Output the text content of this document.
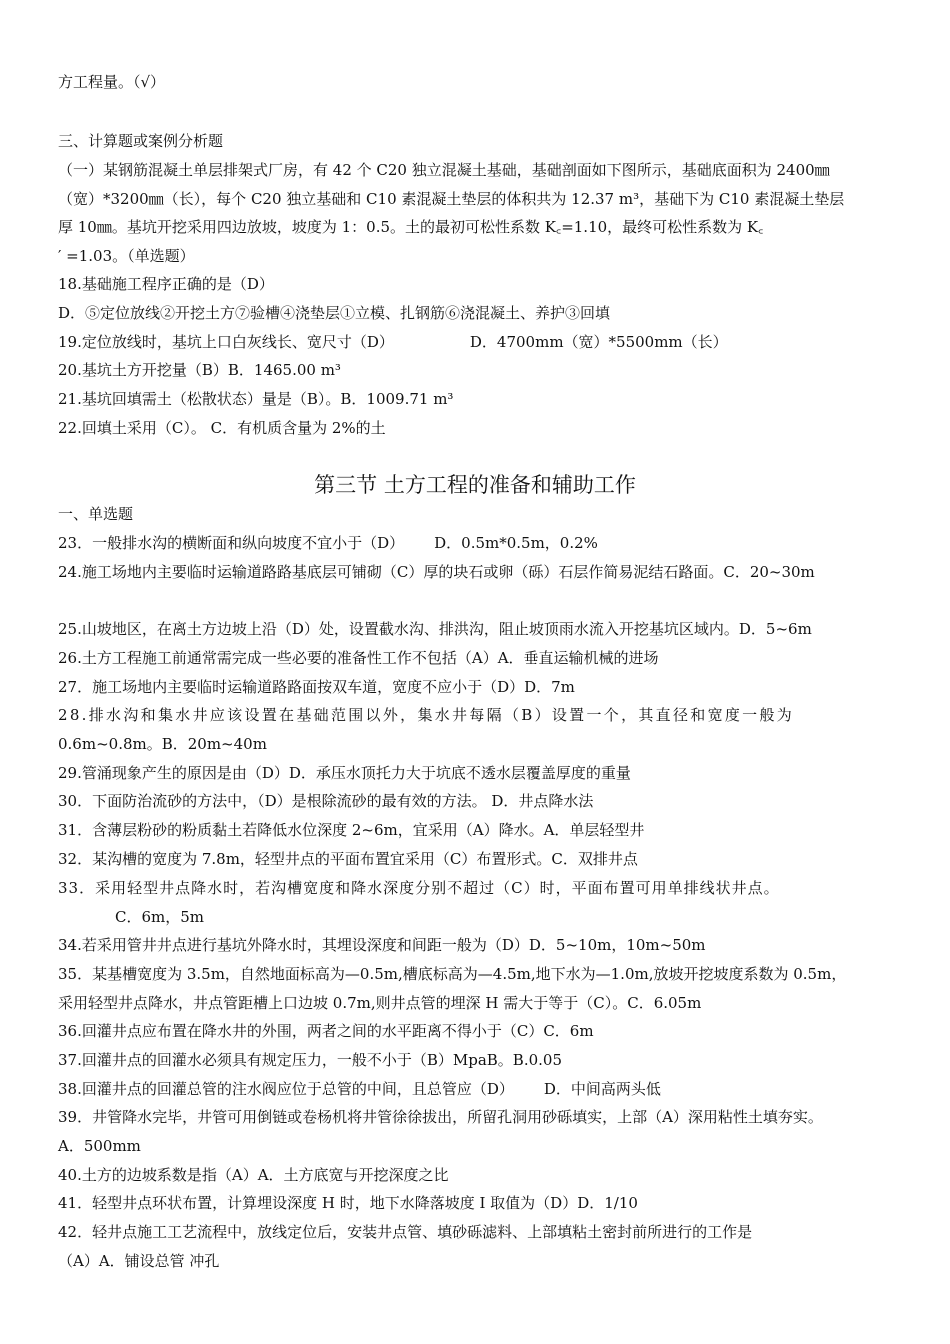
方工程量。（√）
三、计算题或案例分析题
（一）某钢筋混凝土单层排架式厂房，有 42 个 C20 独立混凝土基础，基础剖面如下图所示，基础底面积为 2400㎜
（宽）*3200㎜（长），每个 C20 独立基础和 C10 素混凝土垫层的体积共为 12.37 m³，基础下为 C10 素混凝土垫层
厚 10㎜。基坑开挖采用四边放坡，坡度为 1：0.5。土的最初可松性系数 K꜀=1.10，最终可松性系数为 K꜀
′ =1.03。（单选题）
18.基础施工程序正确的是（D）
D．⑤定位放线②开挖土方⑦验槽④浇垫层①立模、扎钢筋⑥浇混凝土、养护③回填
19.定位放线时，基坑上口白灰线长、宽尺寸（D）	D．4700mm（宽）*5500mm（长）
20.基坑土方开挖量（B）B．1465.00 m³
21.基坑回填需土（松散状态）量是（B）。B．1009.71 m³
22.回填土采用（C）。 C．有机质含量为 2%的土
第三节 土方工程的准备和辅助工作
一、单选题
23．一般排水沟的横断面和纵向坡度不宜小于（D） D．0.5m*0.5m，0.2%
24.施工场地内主要临时运输道路路基底层可铺砌（C）厚的块石或卵（砾）石层作简易泥结石路面。C．20~30m
25.山坡地区，在离土方边坡上沿（D）处，设置截水沟、排洪沟，阻止坡顶雨水流入开挖基坑区域内。D．5~6m
26.土方工程施工前通常需完成一些必要的准备性工作不包括（A）A．垂直运输机械的进场
27．施工场地内主要临时运输道路路面按双车道，宽度不应小于（D）D．7m
28.排水沟和集水井应该设置在基础范围以外，集水井每隔（B）设置一个，其直径和宽度一般为
0.6m~0.8m。B．20m~40m
29.管涌现象产生的原因是由（D）D．承压水顶托力大于坑底不透水层覆盖厚度的重量
30．下面防治流砂的方法中，（D）是根除流砂的最有效的方法。 D．井点降水法
31．含薄层粉砂的粉质黏土若降低水位深度 2~6m，宜采用（A）降水。A．单层轻型井
32．某沟槽的宽度为 7.8m，轻型井点的平面布置宜采用（C）布置形式。C．双排井点
33．采用轻型井点降水时，若沟槽宽度和降水深度分别不超过（C）时，平面布置可用单排线状井点。
C．6m，5m
34.若采用管井井点进行基坑外降水时，其埋设深度和间距一般为（D）D．5~10m，10m~50m
35．某基槽宽度为 3.5m，自然地面标高为—0.5m,槽底标高为—4.5m,地下水为—1.0m,放坡开挖坡度系数为 0.5m，
采用轻型井点降水，井点管距槽上口边坡 0.7m,则井点管的埋深 H 需大于等于（C）。C．6.05m
36.回灌井点应布置在降水井的外围，两者之间的水平距离不得小于（C）C．6m
37.回灌井点的回灌水必须具有规定压力，一般不小于（B）MpaB。B.0.05
38.回灌井点的回灌总管的注水阀应位于总管的中间，且总管应（D） D．中间高两头低
39．井管降水完毕，井管可用倒链或卷杨机将井管徐徐拔出，所留孔洞用砂砾填实，上部（A）深用粘性土填夯实。
A．500mm
40.土方的边坡系数是指（A）A．土方底宽与开挖深度之比
41．轻型井点环状布置，计算埋设深度 H 时，地下水降落坡度 I 取值为（D）D．1/10
42．轻井点施工工艺流程中，放线定位后，安装井点管、填砂砾滤料、上部填粘土密封前所进行的工作是
（A）A．铺设总管 冲孔
